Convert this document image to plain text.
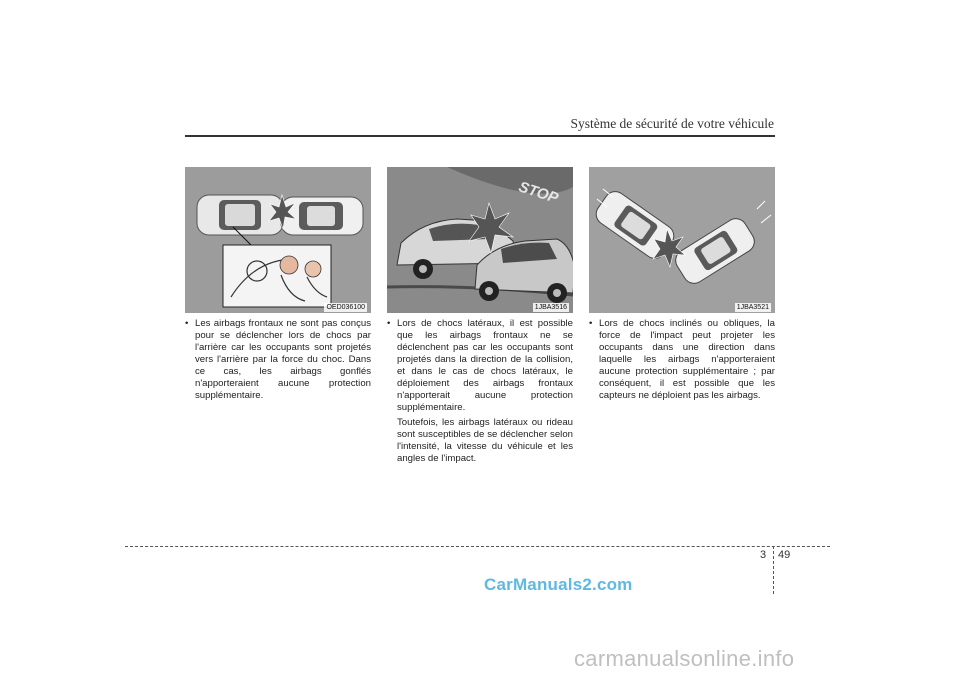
Système de sécurité de votre véhicule
OED036100
STOP
1JBA3516	1JBA3521
• Les airbags frontaux ne sont pas conçus pour se déclencher lors de chocs par l'arrière car les occupants sont projetés vers l'arrière par la force du choc. Dans ce cas, les airbags gonflés n'apporteraient aucune protection supplémentaire.
• Lors de chocs latéraux, il est possible que les airbags frontaux ne se déclenchent pas car les occupants sont projetés dans la direction de la collision, et dans le cas de chocs latéraux, le déploiement des airbags frontaux n'apporterait aucune protection supplémentaire.
Toutefois, les airbags latéraux ou rideau sont susceptibles de se déclencher selon l'intensité, la vitesse du véhicule et les angles de l'impact.
• Lors de chocs inclinés ou obliques, la force de l'impact peut projeter les occupants dans une direction dans laquelle les airbags n'apporteraient aucune protection supplémentaire ; par conséquent, il est possible que les capteurs ne déploient pas les airbags.
3 49
CarManuals2.com
carmanualsonline.info
